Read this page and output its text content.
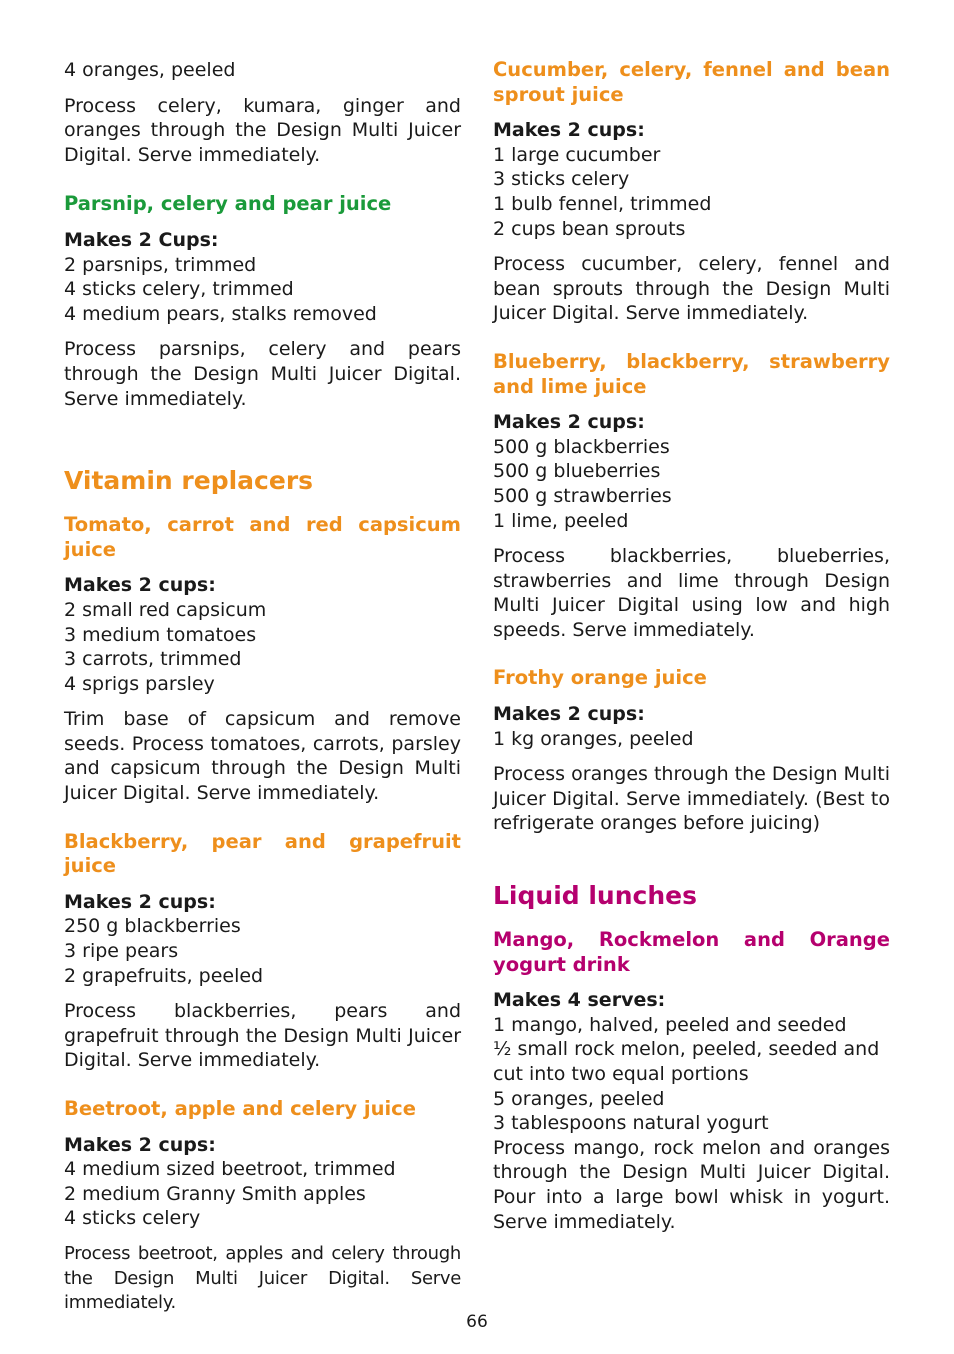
4 oranges, peeled

Process celery, kumara, ginger and oranges through the Design Multi Juicer Digital. Serve immediately.

Parsnip, celery and pear juice
Makes 2 Cups:
2 parsnips, trimmed
4 sticks celery, trimmed
4 medium pears, stalks removed

Process parsnips, celery and pears through the Design Multi Juicer Digital. Serve immediately.

Vitamin replacers
Tomato, carrot and red capsicum juice
Makes 2 cups:
2 small red capsicum
3 medium tomatoes
3 carrots, trimmed
4 sprigs parsley

Trim base of capsicum and remove seeds. Process tomatoes, carrots, parsley and capsicum through the Design Multi Juicer Digital. Serve immediately.

Blackberry, pear and grapefruit juice
Makes 2 cups:
250 g blackberries
3 ripe pears
2 grapefruits, peeled

Process blackberries, pears and grapefruit through the Design Multi Juicer Digital. Serve immediately.

Beetroot, apple and celery juice
Makes 2 cups:
4 medium sized beetroot, trimmed
2 medium Granny Smith apples
4 sticks celery

Process beetroot, apples and celery through the Design Multi Juicer Digital. Serve immediately.

Cucumber, celery, fennel and bean sprout juice
Makes 2 cups:
1 large cucumber
3 sticks celery
1 bulb fennel, trimmed
2 cups bean sprouts

Process cucumber, celery, fennel and bean sprouts through the Design Multi Juicer Digital. Serve immediately.

Blueberry, blackberry, strawberry and lime juice
Makes 2 cups:
500 g blackberries
500 g blueberries
500 g strawberries
1 lime, peeled

Process blackberries, blueberries, strawberries and lime through Design Multi Juicer Digital using low and high speeds. Serve immediately.

Frothy orange juice
Makes 2 cups:
1 kg oranges, peeled

Process oranges through the Design Multi Juicer Digital. Serve immediately. (Best to refrigerate oranges before juicing)

Liquid lunches
Mango, Rockmelon and Orange yogurt drink
Makes 4 serves:
1 mango, halved, peeled and seeded
½ small rock melon, peeled, seeded and
cut into two equal portions
5 oranges, peeled
3 tablespoons natural yogurt

Process mango, rock melon and oranges through the Design Multi Juicer Digital. Pour into a large bowl whisk in yogurt. Serve immediately.

66
